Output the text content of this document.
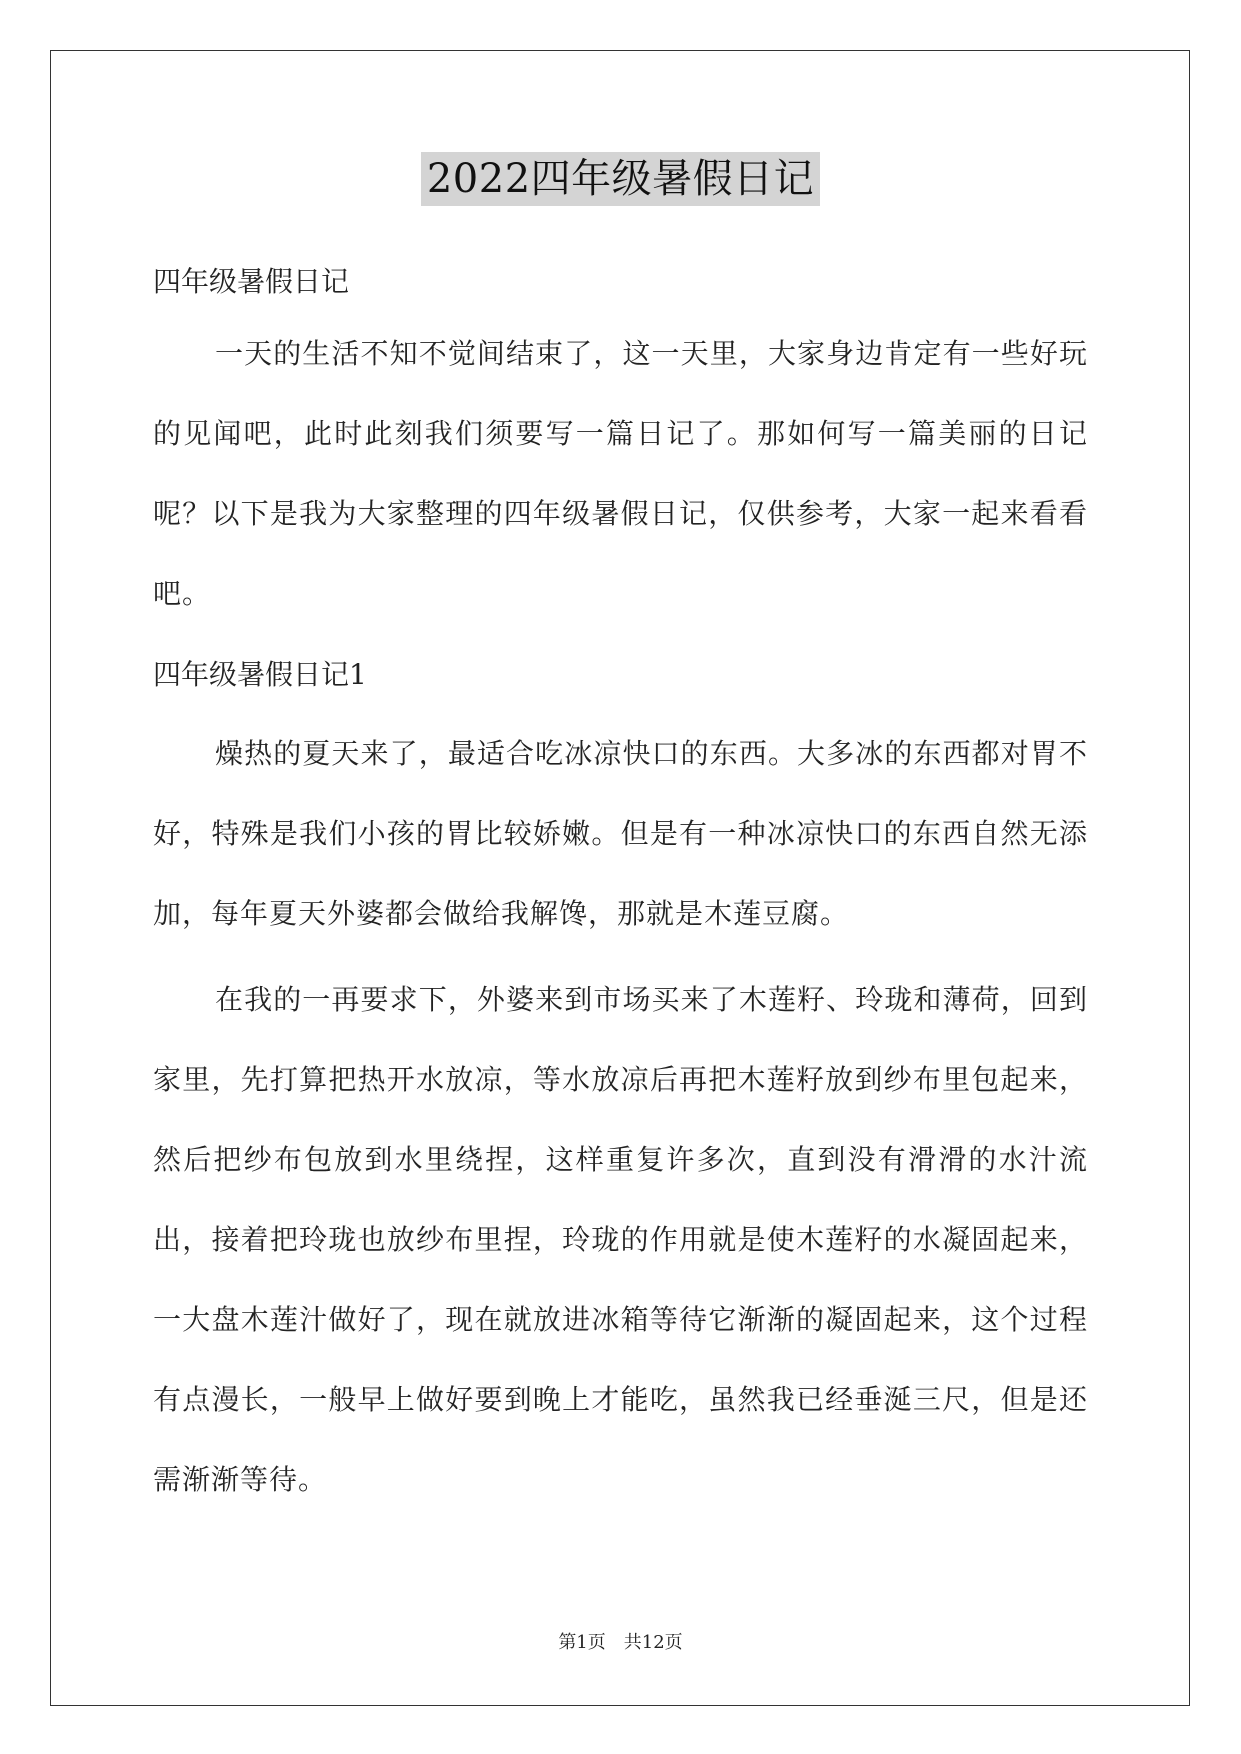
2022四年级暑假日记

四年级暑假日记

一天的生活不知不觉间结束了，这一天里，大家身边肯定有一些好玩的见闻吧，此时此刻我们须要写一篇日记了。那如何写一篇美丽的日记呢？以下是我为大家整理的四年级暑假日记，仅供参考，大家一起来看看吧。

四年级暑假日记1

燥热的夏天来了，最适合吃冰凉快口的东西。大多冰的东西都对胃不好，特殊是我们小孩的胃比较娇嫩。但是有一种冰凉快口的东西自然无添加，每年夏天外婆都会做给我解馋，那就是木莲豆腐。

在我的一再要求下，外婆来到市场买来了木莲籽、玲珑和薄荷，回到家里，先打算把热开水放凉，等水放凉后再把木莲籽放到纱布里包起来，然后把纱布包放到水里绕捏，这样重复许多次，直到没有滑滑的水汁流出，接着把玲珑也放纱布里捏，玲珑的作用就是使木莲籽的水凝固起来，一大盘木莲汁做好了，现在就放进冰箱等待它渐渐的凝固起来，这个过程有点漫长，一般早上做好要到晚上才能吃，虽然我已经垂涎三尺，但是还需渐渐等待。

第1页　共12页
